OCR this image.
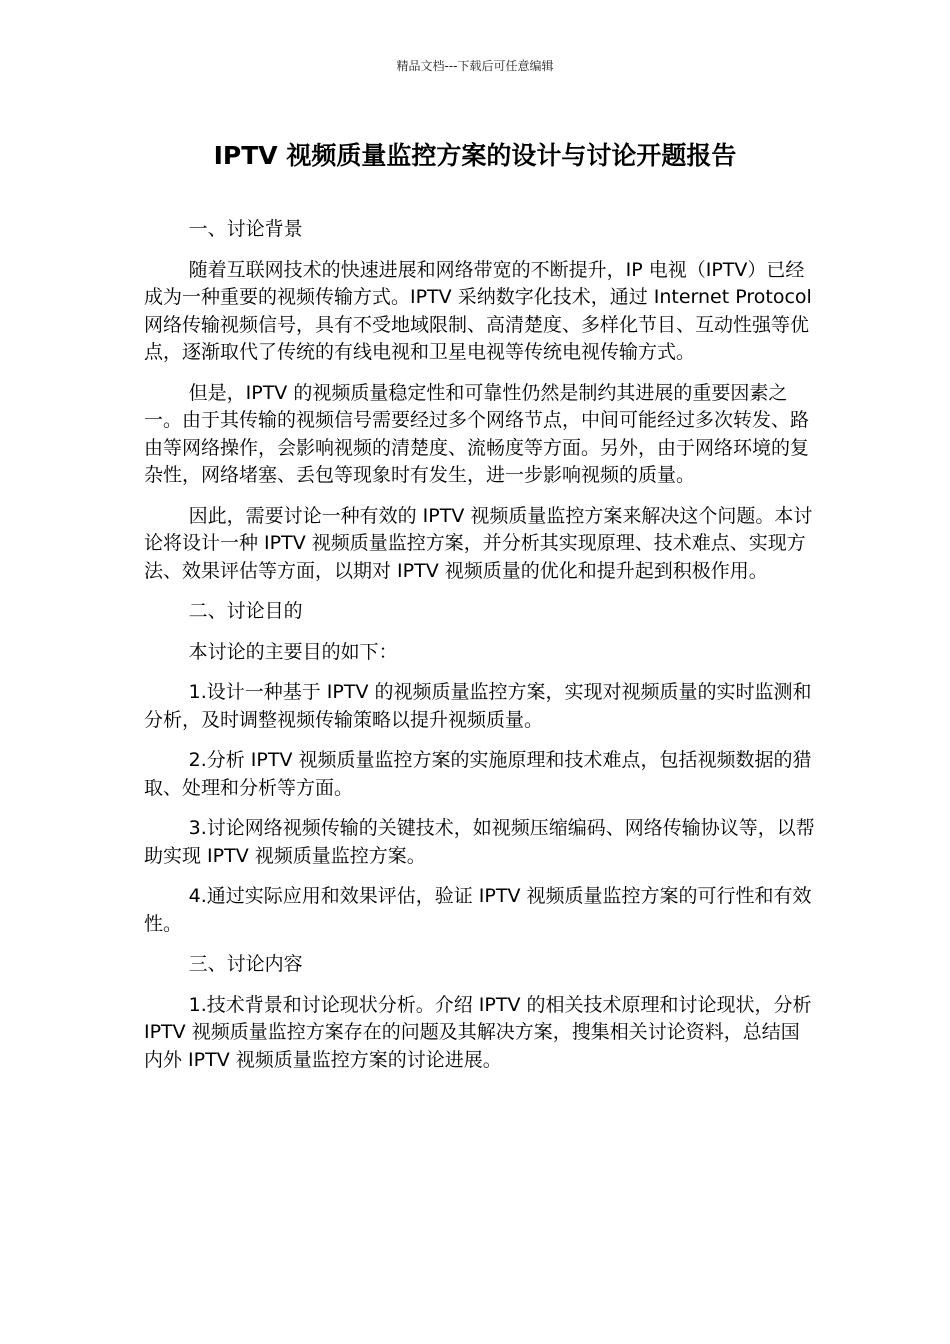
精品文档---下载后可任意编辑
IPTV 视频质量监控方案的设计与讨论开题报告

一、讨论背景

随着互联网技术的快速进展和网络带宽的不断提升，IP 电视（IPTV）已经成为一种重要的视频传输方式。IPTV 采纳数字化技术，通过 Internet Protocol 网络传输视频信号，具有不受地域限制、高清楚度、多样化节目、互动性强等优点，逐渐取代了传统的有线电视和卫星电视等传统电视传输方式。

但是，IPTV 的视频质量稳定性和可靠性仍然是制约其进展的重要因素之一。由于其传输的视频信号需要经过多个网络节点，中间可能经过多次转发、路由等网络操作，会影响视频的清楚度、流畅度等方面。另外，由于网络环境的复杂性，网络堵塞、丢包等现象时有发生，进一步影响视频的质量。

因此，需要讨论一种有效的 IPTV 视频质量监控方案来解决这个问题。本讨论将设计一种 IPTV 视频质量监控方案，并分析其实现原理、技术难点、实现方法、效果评估等方面，以期对 IPTV 视频质量的优化和提升起到积极作用。

二、讨论目的

本讨论的主要目的如下：

1.设计一种基于 IPTV 的视频质量监控方案，实现对视频质量的实时监测和分析，及时调整视频传输策略以提升视频质量。

2.分析 IPTV 视频质量监控方案的实施原理和技术难点，包括视频数据的猎取、处理和分析等方面。

3.讨论网络视频传输的关键技术，如视频压缩编码、网络传输协议等，以帮助实现 IPTV 视频质量监控方案。

4.通过实际应用和效果评估，验证 IPTV 视频质量监控方案的可行性和有效性。

三、讨论内容

1.技术背景和讨论现状分析。介绍 IPTV 的相关技术原理和讨论现状，分析 IPTV 视频质量监控方案存在的问题及其解决方案，搜集相关讨论资料，总结国内外 IPTV 视频质量监控方案的讨论进展。
